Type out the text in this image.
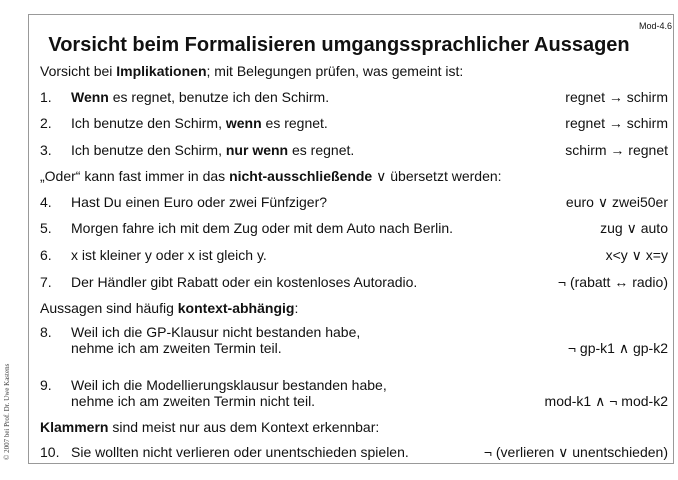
Mod-4.6
Vorsicht beim Formalisieren umgangssprachlicher Aussagen
© 2007 bei Prof. Dr. Uwe Kastens
Vorsicht bei Implikationen; mit Belegungen prüfen, was gemeint ist:
„Oder“ kann fast immer in das nicht-ausschließende ∨ übersetzt werden:
Aussagen sind häufig kontext-abhängig:
Klammern sind meist nur aus dem Kontext erkennbar:
1. Wenn es regnet, benutze ich den Schirm.	regnet → schirm
2. Ich benutze den Schirm, wenn es regnet.	regnet → schirm
3. Ich benutze den Schirm, nur wenn es regnet.	schirm → regnet
4. Hast Du einen Euro oder zwei Fünfziger?	euro ∨ zwei50er
5. Morgen fahre ich mit dem Zug oder mit dem Auto nach Berlin.	zug ∨ auto
6. x ist kleiner y oder x ist gleich y.	x<y ∨ x=y
7. Der Händler gibt Rabatt oder ein kostenloses Autoradio.	¬ (rabatt ↔ radio)
8. Weil ich die GP-Klausur nicht bestanden habe,
nehme ich am zweiten Termin teil.	¬ gp-k1 ∧ gp-k2
9. Weil ich die Modellierungsklausur bestanden habe,
nehme ich am zweiten Termin nicht teil.	mod-k1 ∧ ¬ mod-k2
10. Sie wollten nicht verlieren oder unentschieden spielen.	¬ (verlieren ∨ unentschieden)
